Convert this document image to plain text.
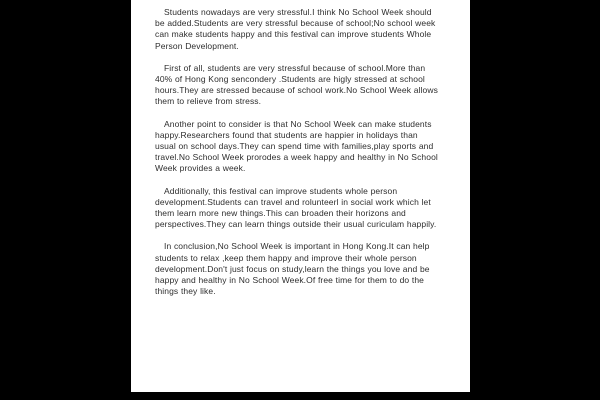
Students nowadays are very stressful.I think No School Week should be added.Students are very stressful because of school;No school week can make students happy and this festival can improve students Whole Person Development.

First of all, students are very stressful because of school.More than 40% of Hong Kong sencondery .Students are higly stressed at school hours.They are stressed because of school work.No School Week allows them to relieve from stress.

Another point to consider is that No School Week can make students happy.Researchers found that students are happier in holidays than usual on school days.They can spend time with families,play sports and travel.No School Week prorodes a week happy and healthy in No School Week provides a week.

Additionally, this festival can improve students whole person development.Students can travel and rolunteerl in social work which let them learn more new things.This can broaden their horizons and perspectives.They can learn things outside their usual curiculam happily.

In conclusion,No School Week is important in Hong Kong.It can help students to relax ,keep them happy and improve their whole person development.Don't just focus on study,learn the things you love and be happy and healthy in No School Week.Of free time for them to do the things they like.
